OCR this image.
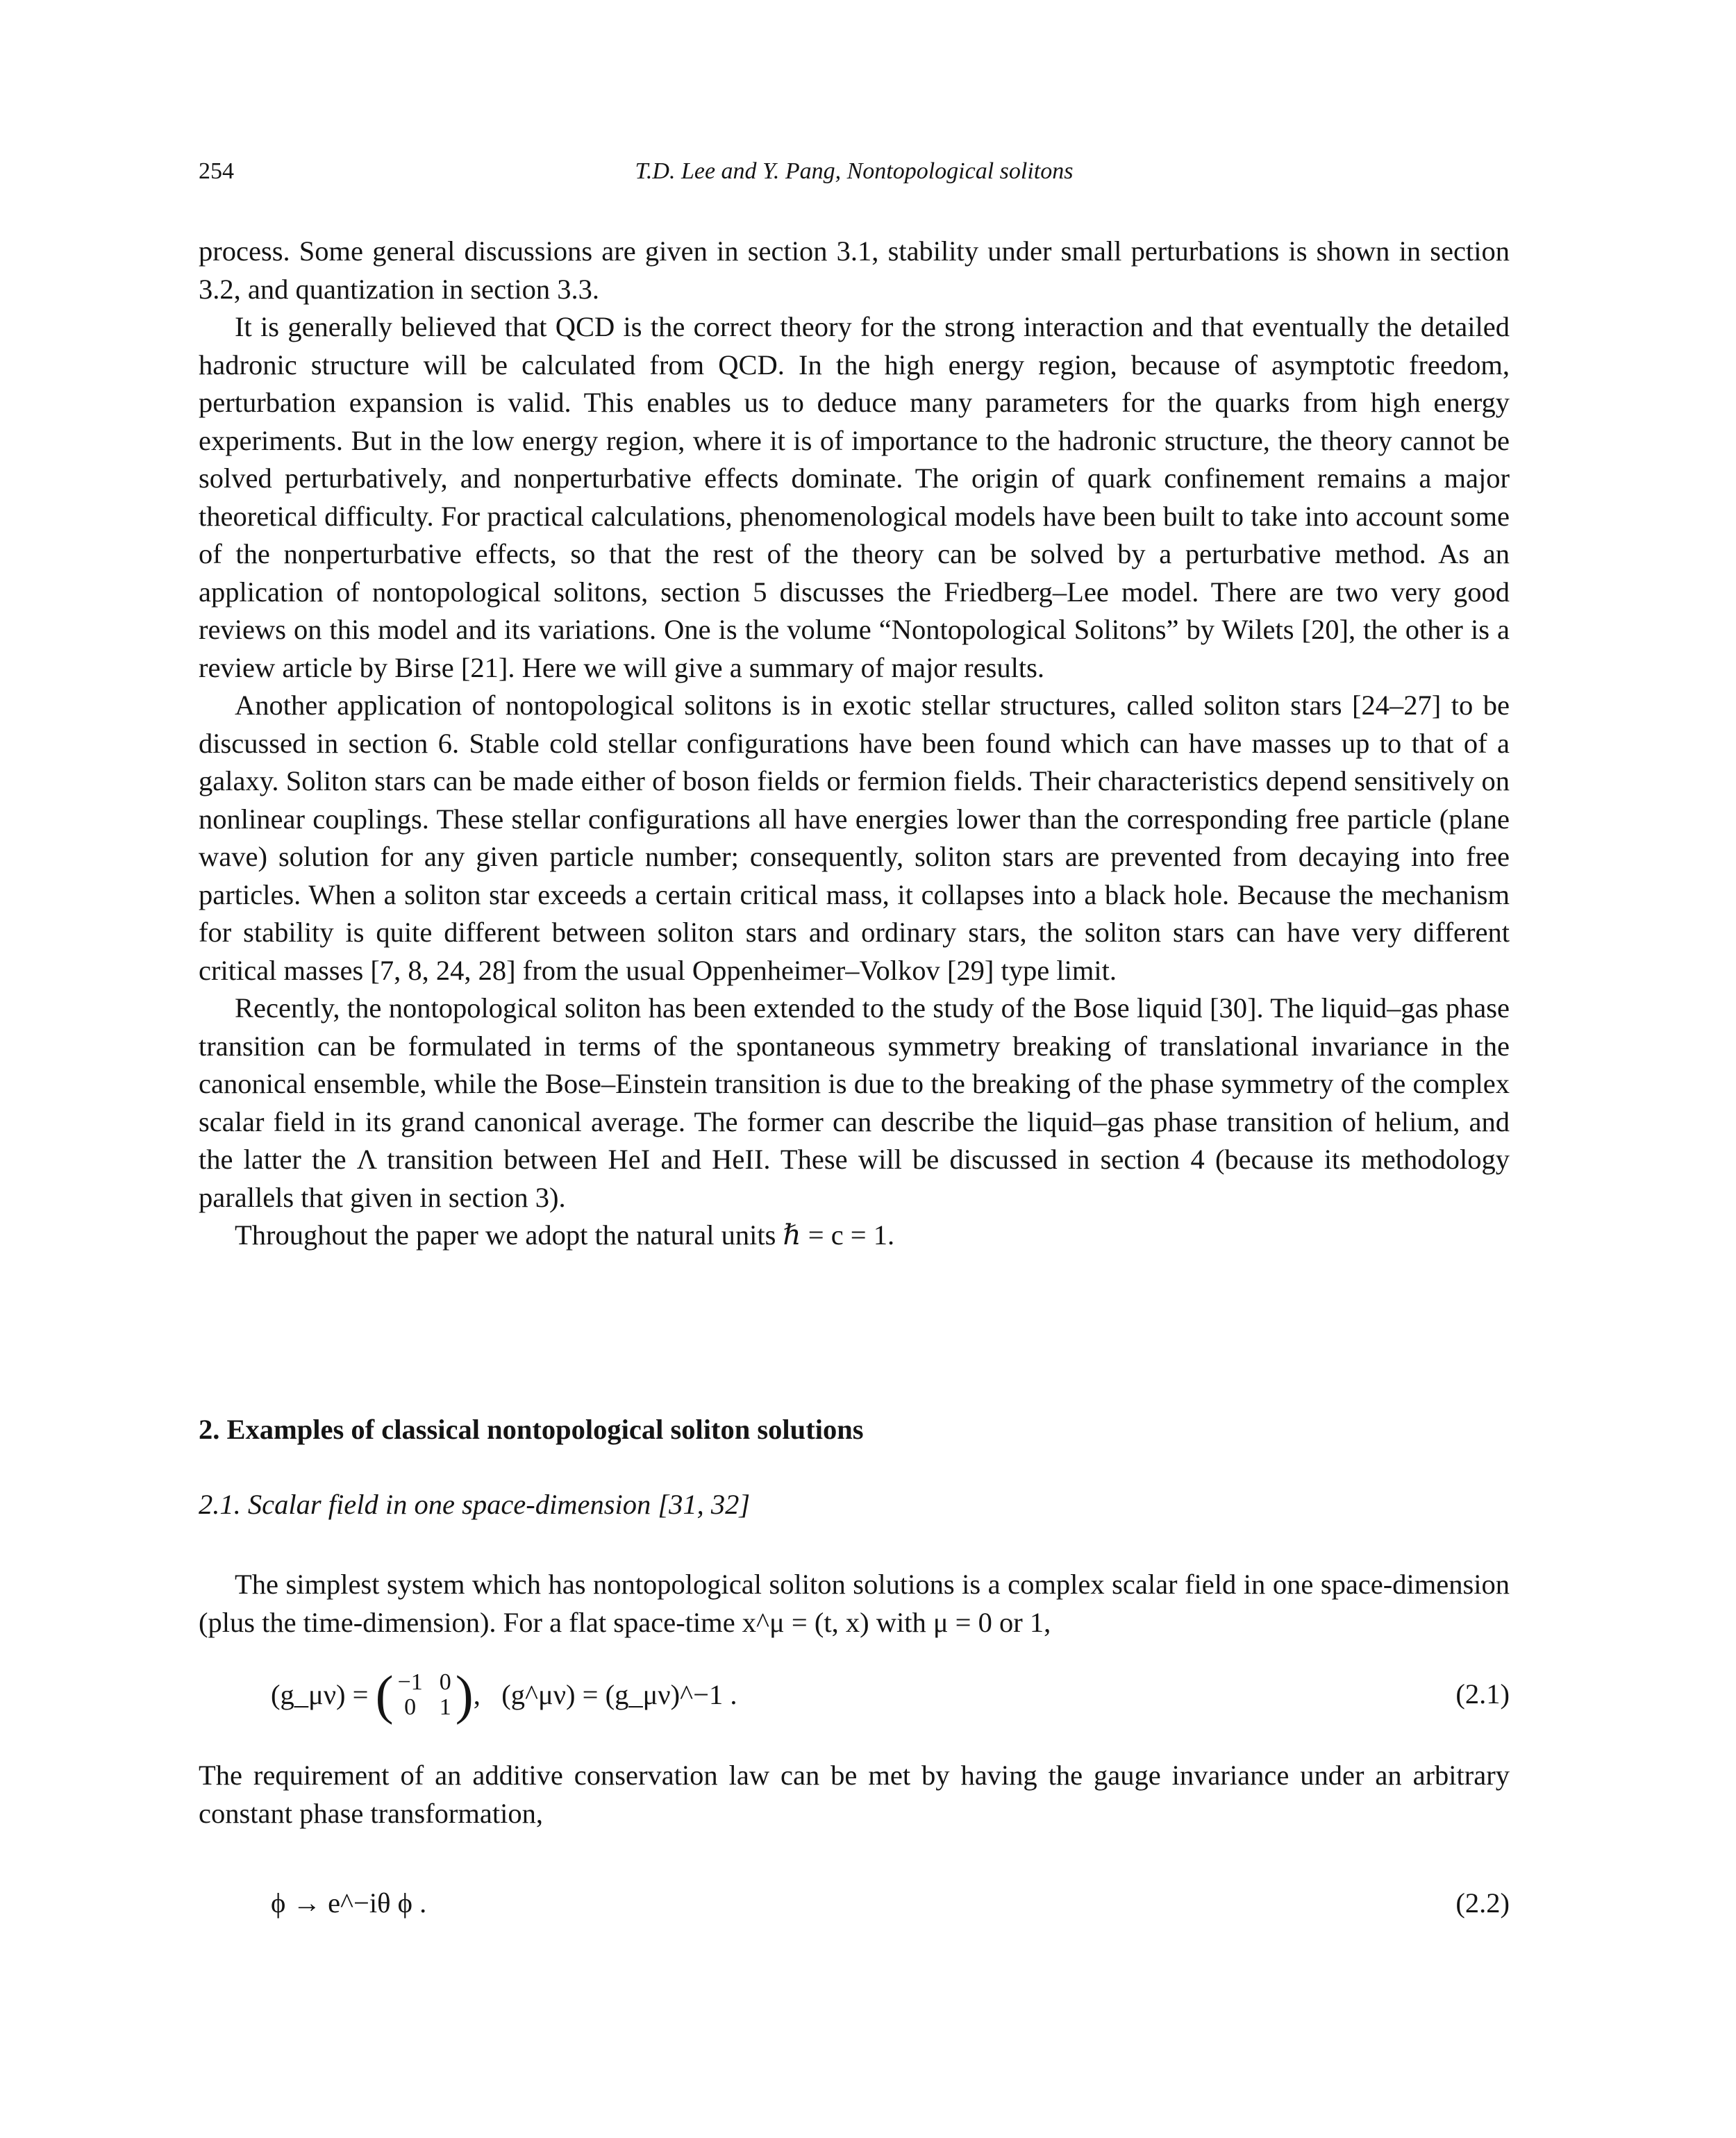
254	T.D. Lee and Y. Pang, Nontopological solitons

process. Some general discussions are given in section 3.1, stability under small perturbations is shown in section 3.2, and quantization in section 3.3.

It is generally believed that QCD is the correct theory for the strong interaction and that eventually the detailed hadronic structure will be calculated from QCD. In the high energy region, because of asymptotic freedom, perturbation expansion is valid. This enables us to deduce many parameters for the quarks from high energy experiments. But in the low energy region, where it is of importance to the hadronic structure, the theory cannot be solved perturbatively, and nonperturbative effects dominate. The origin of quark confinement remains a major theoretical difficulty. For practical calculations, phenomenological models have been built to take into account some of the nonperturbative effects, so that the rest of the theory can be solved by a perturbative method. As an application of nontopological solitons, section 5 discusses the Friedberg–Lee model. There are two very good reviews on this model and its variations. One is the volume “Nontopological Solitons” by Wilets [20], the other is a review article by Birse [21]. Here we will give a summary of major results.

Another application of nontopological solitons is in exotic stellar structures, called soliton stars [24–27] to be discussed in section 6. Stable cold stellar configurations have been found which can have masses up to that of a galaxy. Soliton stars can be made either of boson fields or fermion fields. Their characteristics depend sensitively on nonlinear couplings. These stellar configurations all have energies lower than the corresponding free particle (plane wave) solution for any given particle number; consequently, soliton stars are prevented from decaying into free particles. When a soliton star exceeds a certain critical mass, it collapses into a black hole. Because the mechanism for stability is quite different between soliton stars and ordinary stars, the soliton stars can have very different critical masses [7, 8, 24, 28] from the usual Oppenheimer–Volkov [29] type limit.

Recently, the nontopological soliton has been extended to the study of the Bose liquid [30]. The liquid–gas phase transition can be formulated in terms of the spontaneous symmetry breaking of translational invariance in the canonical ensemble, while the Bose–Einstein transition is due to the breaking of the phase symmetry of the complex scalar field in its grand canonical average. The former can describe the liquid–gas phase transition of helium, and the latter the Λ transition between HeI and HeII. These will be discussed in section 4 (because its methodology parallels that given in section 3).

Throughout the paper we adopt the natural units ℏ = c = 1.

2. Examples of classical nontopological soliton solutions
2.1. Scalar field in one space-dimension [31, 32]

The simplest system which has nontopological soliton solutions is a complex scalar field in one space-dimension (plus the time-dimension). For a flat space-time x^μ = (t, x) with μ = 0 or 1,

(g_μν) = ( −1 0
0 1 ) ,   (g^μν) = (g_μν)^−1 .	(2.1)

The requirement of an additive conservation law can be met by having the gauge invariance under an arbitrary constant phase transformation,

ϕ → e^−iθ ϕ .	(2.2)
